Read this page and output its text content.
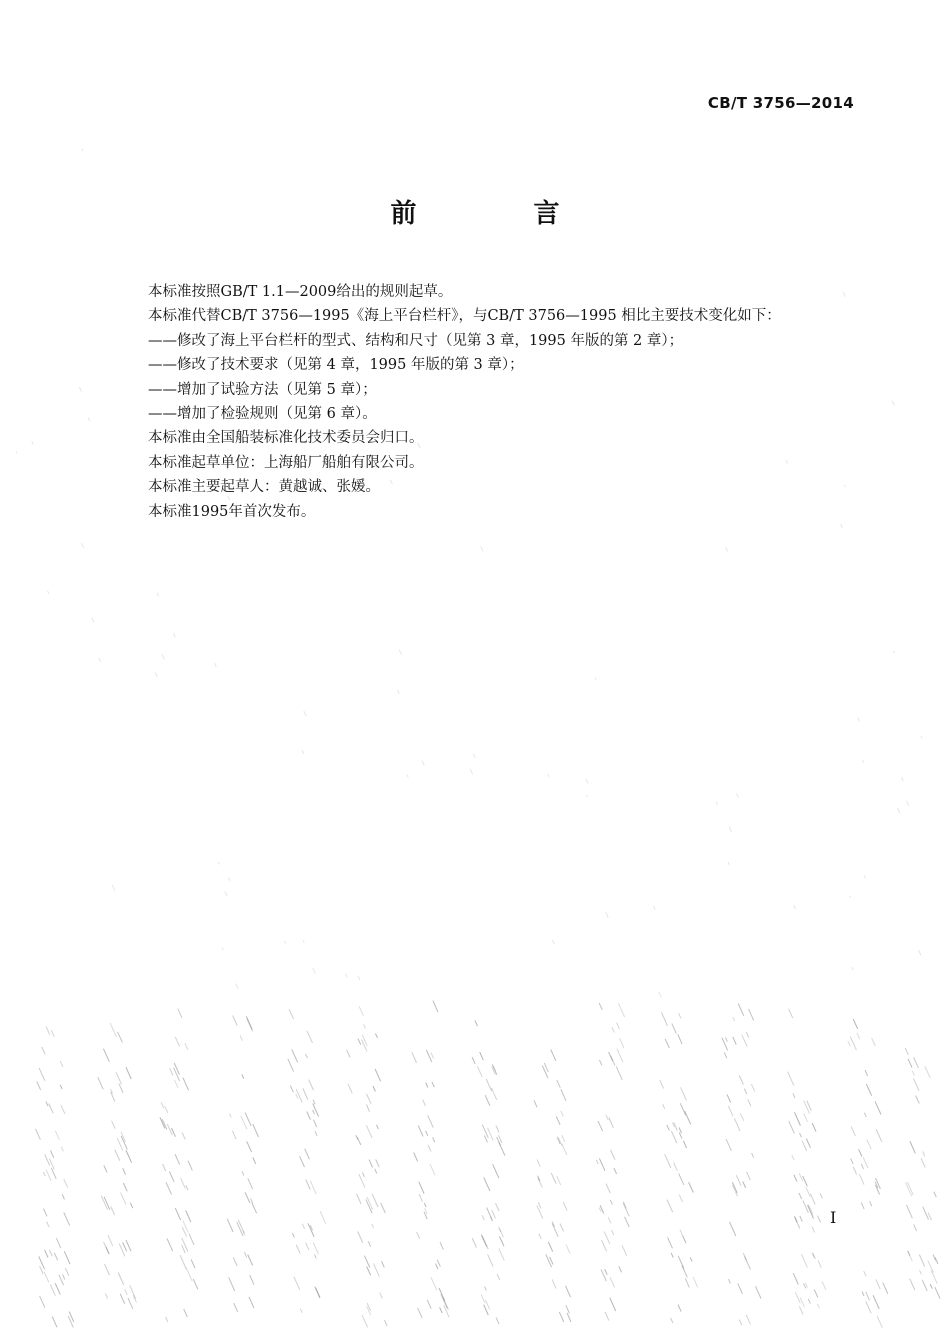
CB/T 3756—2014
前 言
本标准按照GB/T 1.1—2009给出的规则起草。
本标准代替CB/T 3756—1995《海上平台栏杆》，与CB/T 3756—1995 相比主要技术变化如下：
——修改了海上平台栏杆的型式、结构和尺寸（见第 3 章，1995 年版的第 2 章）；
——修改了技术要求（见第 4 章，1995 年版的第 3 章）；
——增加了试验方法（见第 5 章）；
——增加了检验规则（见第 6 章）。
本标准由全国船装标准化技术委员会归口。
本标准起草单位：上海船厂船舶有限公司。
本标准主要起草人：黄越诚、张媛。
本标准1995年首次发布。
I
